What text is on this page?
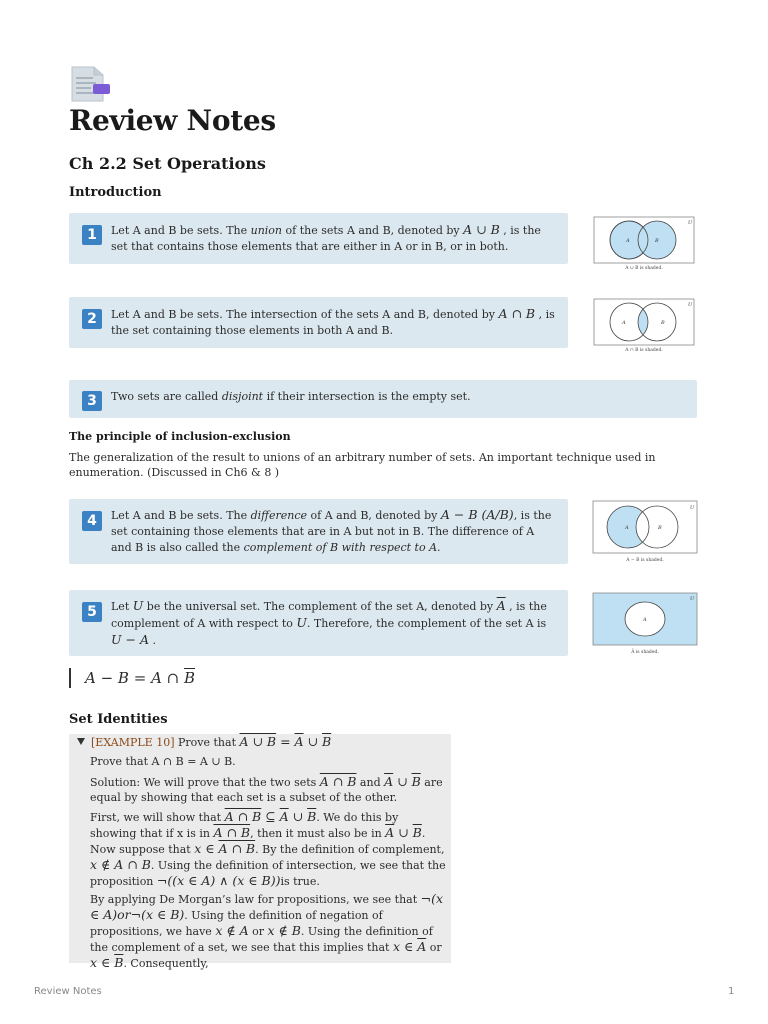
Review Notes
Ch 2.2 Set Operations
Introduction
1	Let A and B be sets. The union of the sets A and B, denoted by A ∪ B , is the set that contains those elements that are either in A or in B, or in both.
U
A	B
A ∪ B is shaded.
2	Let A and B be sets. The intersection of the sets A and B, denoted by A ∩ B , is the set containing those elements in both A and B.
U
A	B
A ∩ B is shaded.
3	Two sets are called disjoint if their intersection is the empty set.
The principle of inclusion-exclusion
The generalization of the result to unions of an arbitrary number of sets. An important technique used in enumeration. (Discussed in Ch6 & 8 )
4	Let A and B be sets. The difference of A and B, denoted by A − B (A/B), is the set containing those elements that are in A but not in B. The difference of A and B is also called the complement of B with respect to A.
U
A	B
A − B is shaded.
5	Let U be the universal set. The complement of the set A, denoted by $\overline{A}$ , is the complement of A with respect to U. Therefore, the complement of the set A is U − A .
U
A
Ā is shaded.
A − B = A ∩ $\overline{B}$
Set Identities
[EXAMPLE 10] Prove that A ∪ $B = \overline{A}$ ∪ $\overline{B}$
Prove that A ∩ B = A ∪ B.
Solution: We will prove that the two sets A ∩ B and $\overline{A}$ ∪ $\overline{B}$ are equal by showing that each set is a subset of the other.
First, we will show that A ∩ B ⊆ $\overline{A}$ ∪ $\overline{B}$. We do this by showing that if x is in A ∩ B, then it must also be in $\overline{A}$ ∪ $\overline{B}$. Now suppose that x ∈ A ∩ B. By the definition of complement, x ∉ A ∩ B. Using the definition of intersection, we see that the proposition ¬((x ∈ A) ∧ (x ∈ B))is true.
By applying De Morgan’s law for propositions, we see that ¬(x ∈ A)or¬(x ∈ B). Using the definition of negation of propositions, we have x ∉ A or x ∉ B. Using the definition of the complement of a set, we see that this implies that x ∈ $\overline{A}$ or x ∈ $\overline{B}$. Consequently,
Review Notes	1
